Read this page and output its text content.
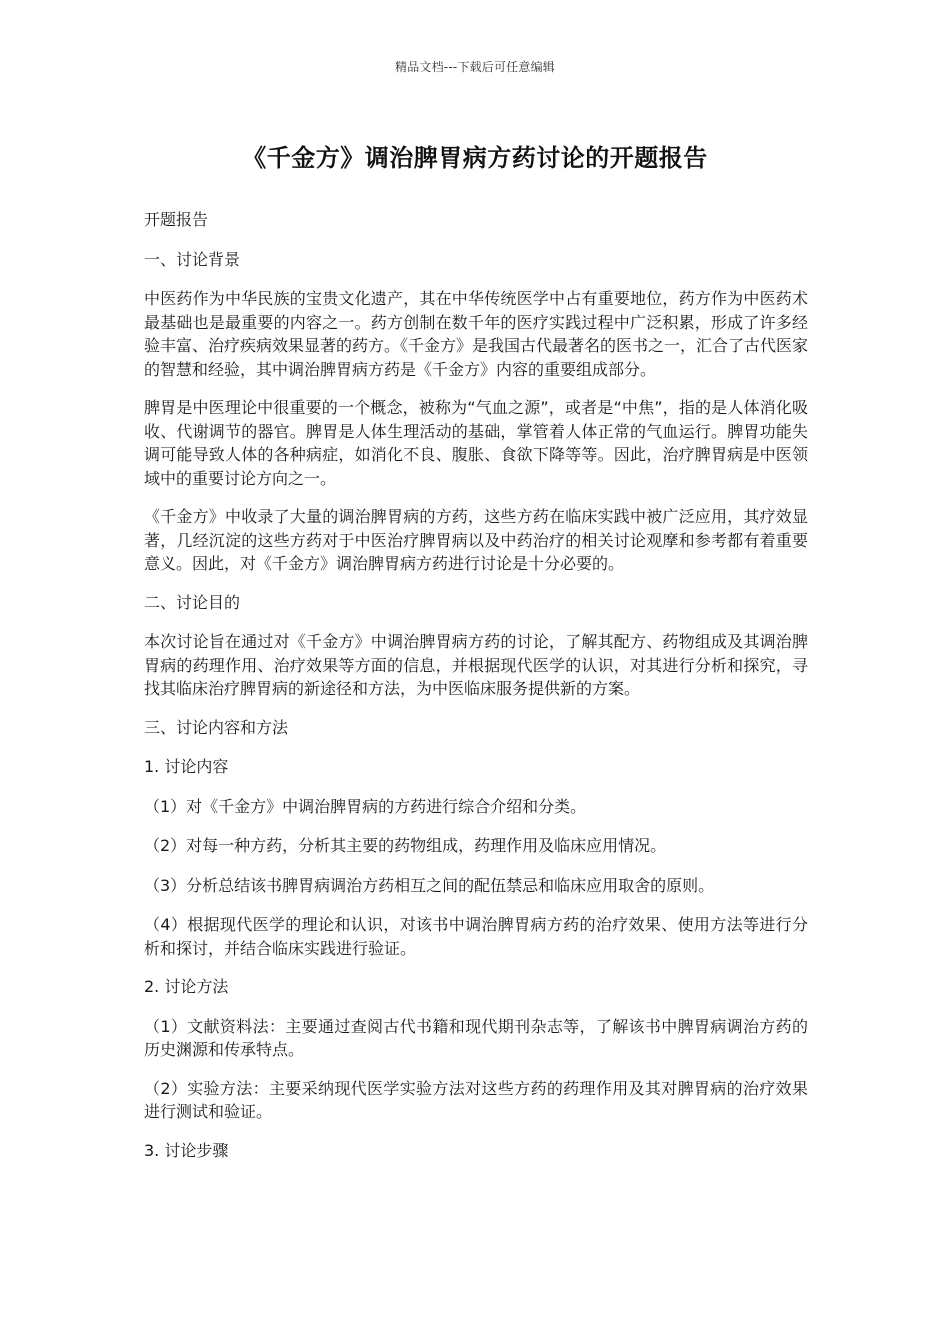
精品文档---下载后可任意编辑
《千金方》调治脾胃病方药讨论的开题报告

开题报告

一、讨论背景

中医药作为中华民族的宝贵文化遗产，其在中华传统医学中占有重要地位，药方作为中医药术最基础也是最重要的内容之一。药方创制在数千年的医疗实践过程中广泛积累，形成了许多经验丰富、治疗疾病效果显著的药方。《千金方》是我国古代最著名的医书之一，汇合了古代医家的智慧和经验，其中调治脾胃病方药是《千金方》内容的重要组成部分。

脾胃是中医理论中很重要的一个概念，被称为“气血之源”，或者是“中焦”，指的是人体消化吸收、代谢调节的器官。脾胃是人体生理活动的基础，掌管着人体正常的气血运行。脾胃功能失调可能导致人体的各种病症，如消化不良、腹胀、食欲下降等等。因此，治疗脾胃病是中医领域中的重要讨论方向之一。

《千金方》中收录了大量的调治脾胃病的方药，这些方药在临床实践中被广泛应用，其疗效显著，几经沉淀的这些方药对于中医治疗脾胃病以及中药治疗的相关讨论观摩和参考都有着重要意义。因此，对《千金方》调治脾胃病方药进行讨论是十分必要的。

二、讨论目的

本次讨论旨在通过对《千金方》中调治脾胃病方药的讨论，了解其配方、药物组成及其调治脾胃病的药理作用、治疗效果等方面的信息，并根据现代医学的认识，对其进行分析和探究，寻找其临床治疗脾胃病的新途径和方法，为中医临床服务提供新的方案。

三、讨论内容和方法

1. 讨论内容

（1）对《千金方》中调治脾胃病的方药进行综合介绍和分类。

（2）对每一种方药，分析其主要的药物组成，药理作用及临床应用情况。

（3）分析总结该书脾胃病调治方药相互之间的配伍禁忌和临床应用取舍的原则。

（4）根据现代医学的理论和认识，对该书中调治脾胃病方药的治疗效果、使用方法等进行分析和探讨，并结合临床实践进行验证。

2. 讨论方法

（1）文献资料法：主要通过查阅古代书籍和现代期刊杂志等，了解该书中脾胃病调治方药的历史渊源和传承特点。

（2）实验方法：主要采纳现代医学实验方法对这些方药的药理作用及其对脾胃病的治疗效果进行测试和验证。

3. 讨论步骤
